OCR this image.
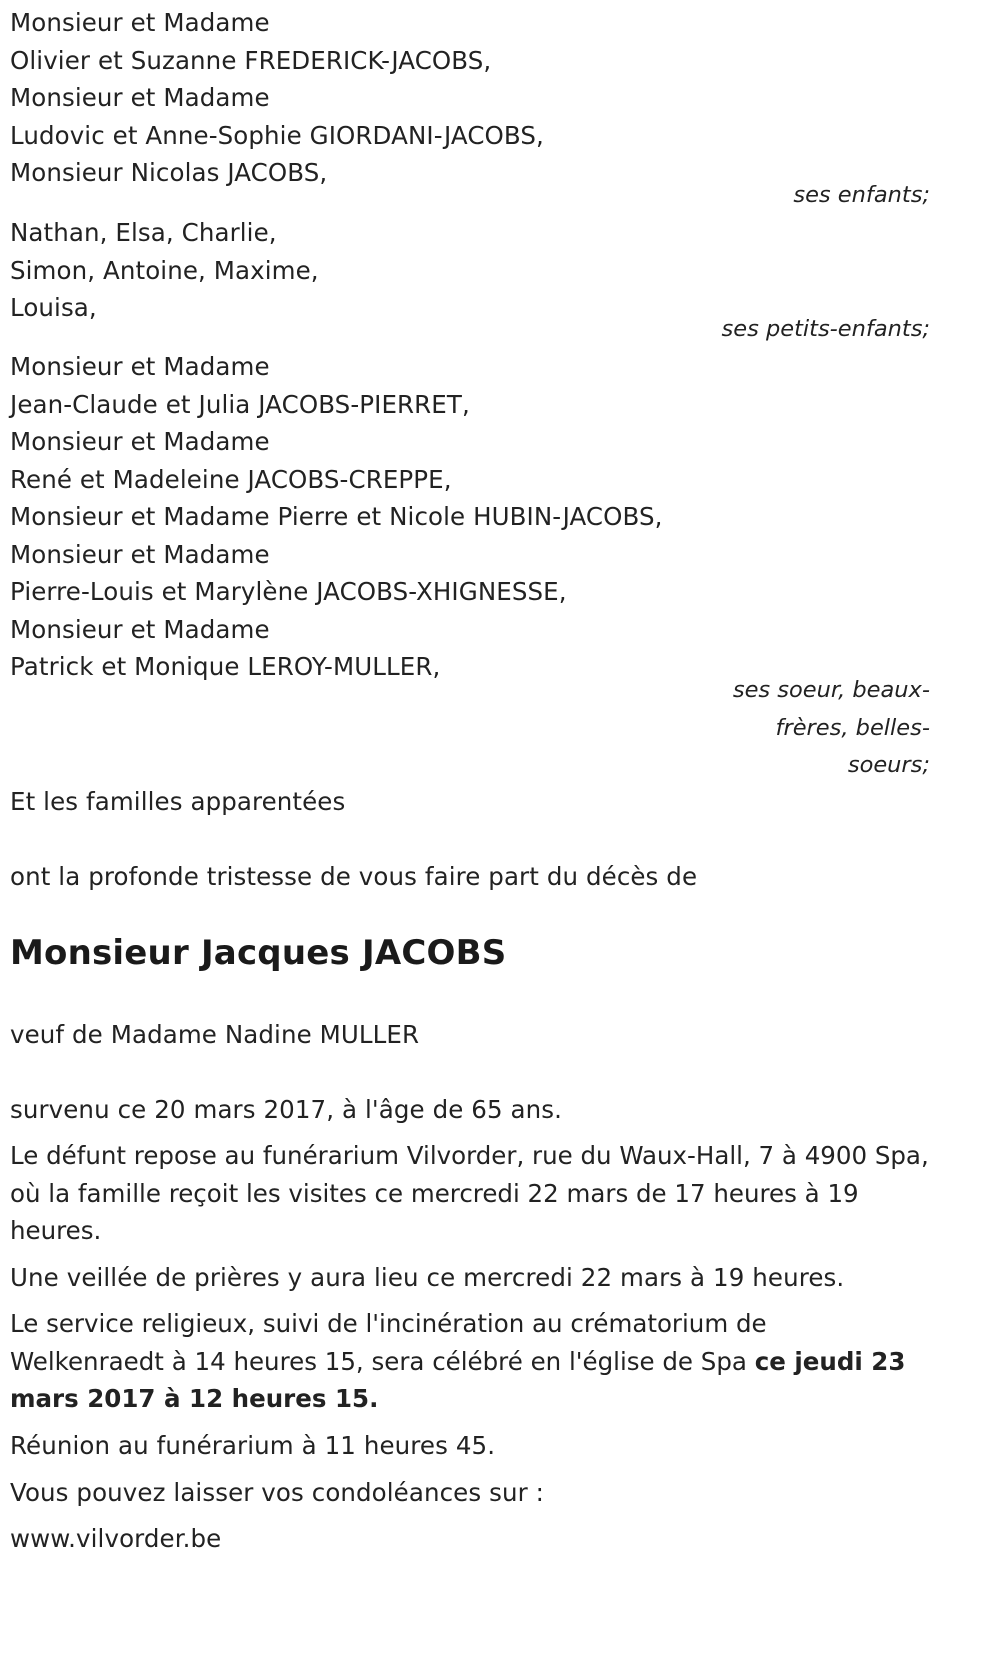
Monsieur et Madame
Olivier et Suzanne FREDERICK-JACOBS,
Monsieur et Madame
Ludovic et Anne-Sophie GIORDANI-JACOBS,
Monsieur Nicolas JACOBS,
ses enfants;
Nathan, Elsa, Charlie,
Simon, Antoine, Maxime,
Louisa,
ses petits-enfants;
Monsieur et Madame
Jean-Claude et Julia JACOBS-PIERRET,
Monsieur et Madame
René et Madeleine JACOBS-CREPPE,
Monsieur et Madame Pierre et Nicole HUBIN-JACOBS,
Monsieur et Madame
Pierre-Louis et Marylène JACOBS-XHIGNESSE,
Monsieur et Madame
Patrick et Monique LEROY-MULLER,
ses soeur, beaux-
frères, belles-
soeurs;
Et les familles apparentées
ont la profonde tristesse de vous faire part du décès de
Monsieur Jacques JACOBS
veuf de Madame Nadine MULLER
survenu ce 20 mars 2017, à l'âge de 65 ans.

Le défunt repose au funérarium Vilvorder, rue du Waux-Hall, 7 à 4900 Spa, où la famille reçoit les visites ce mercredi 22 mars de 17 heures à 19 heures.

Une veillée de prières y aura lieu ce mercredi 22 mars à 19 heures.

Le service religieux, suivi de l'incinération au crématorium de Welkenraedt à 14 heures 15, sera célébré en l'église de Spa ce jeudi 23 mars 2017 à 12 heures 15.

Réunion au funérarium à 11 heures 45.
Vous pouvez laisser vos condoléances sur :
www.vilvorder.be
